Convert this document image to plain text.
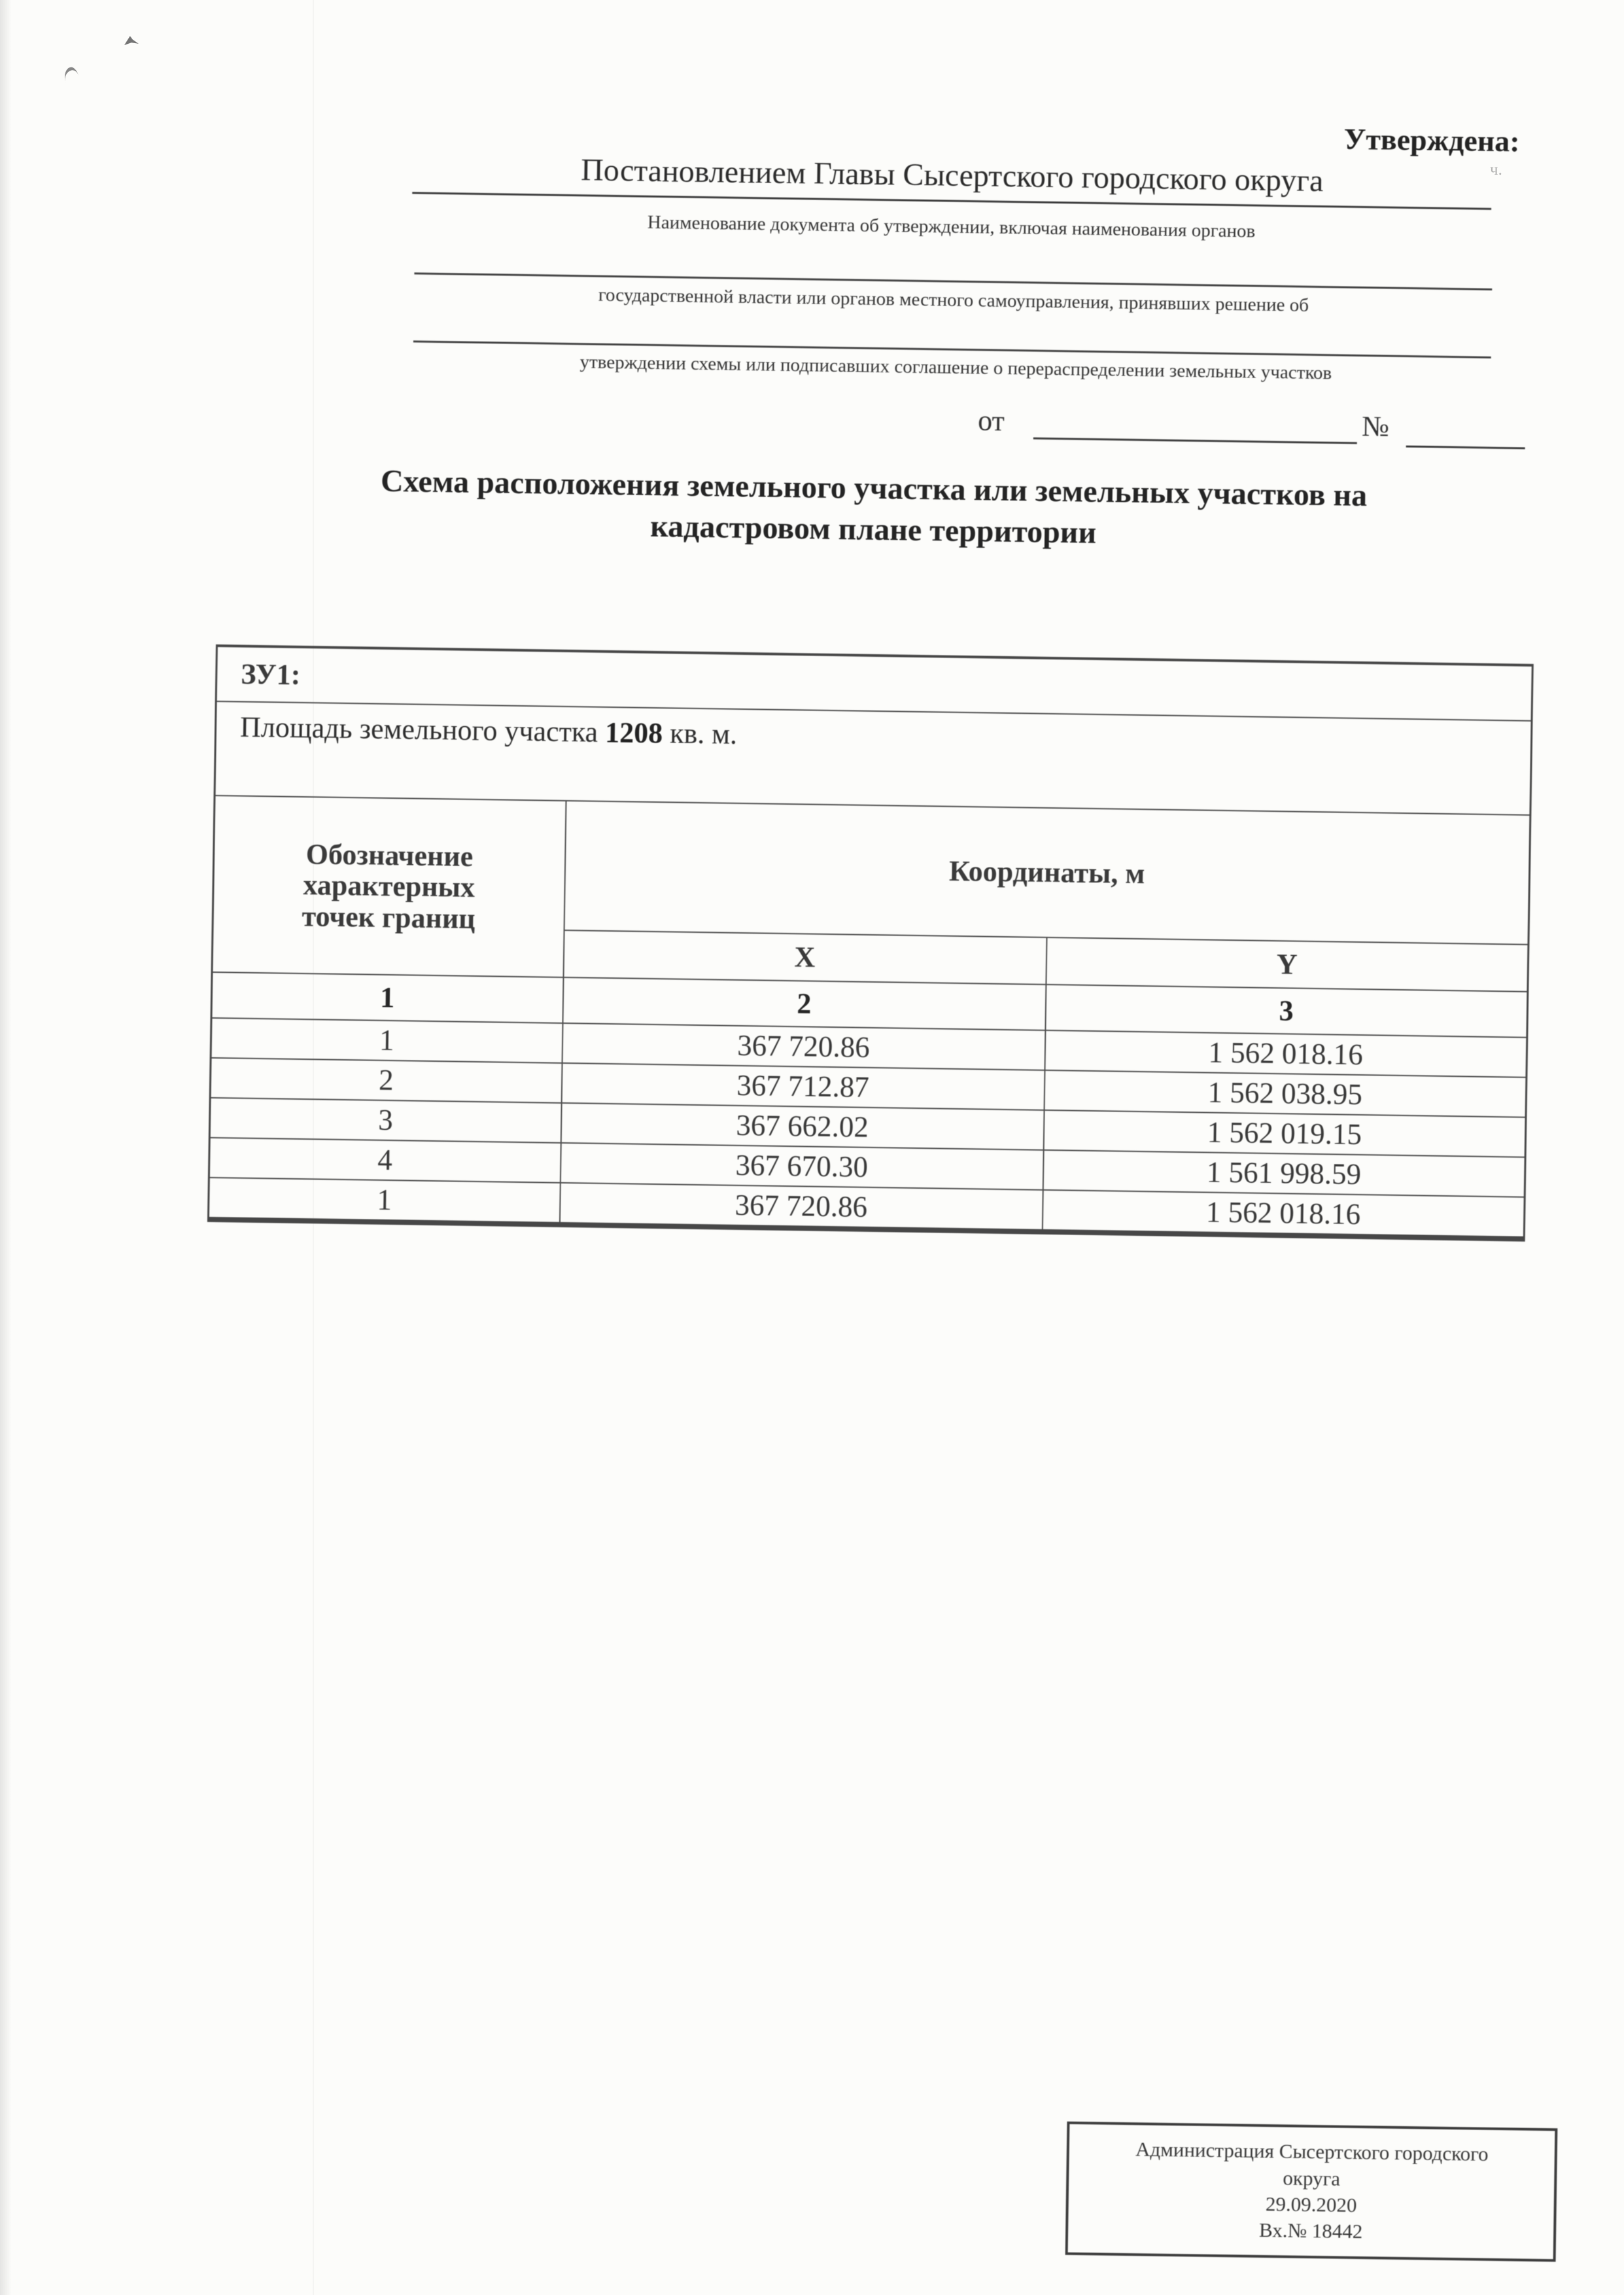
ч.
Утверждена:
Постановлением Главы Сысертского городского округа
Наименование документа об утверждении, включая наименования органов
государственной власти или органов местного самоуправления, принявших решение об
утверждении схемы или подписавших соглашение о перераспределении земельных участков
от	№
Схема расположения земельного участка или земельных участков на
кадастровом плане территории
ЗУ1:		
Площадь земельного участка 1208 кв. м.		
Обозначение
характерных
точек границ	Координаты, м	
	X	Y
1	2	3
1	367 720.86	1 562 018.16
2	367 712.87	1 562 038.95
3	367 662.02	1 562 019.15
4	367 670.30	1 561 998.59
1	367 720.86	1 562 018.16
Администрация Сысертского городского
округа
29.09.2020
Вх.№ 18442
